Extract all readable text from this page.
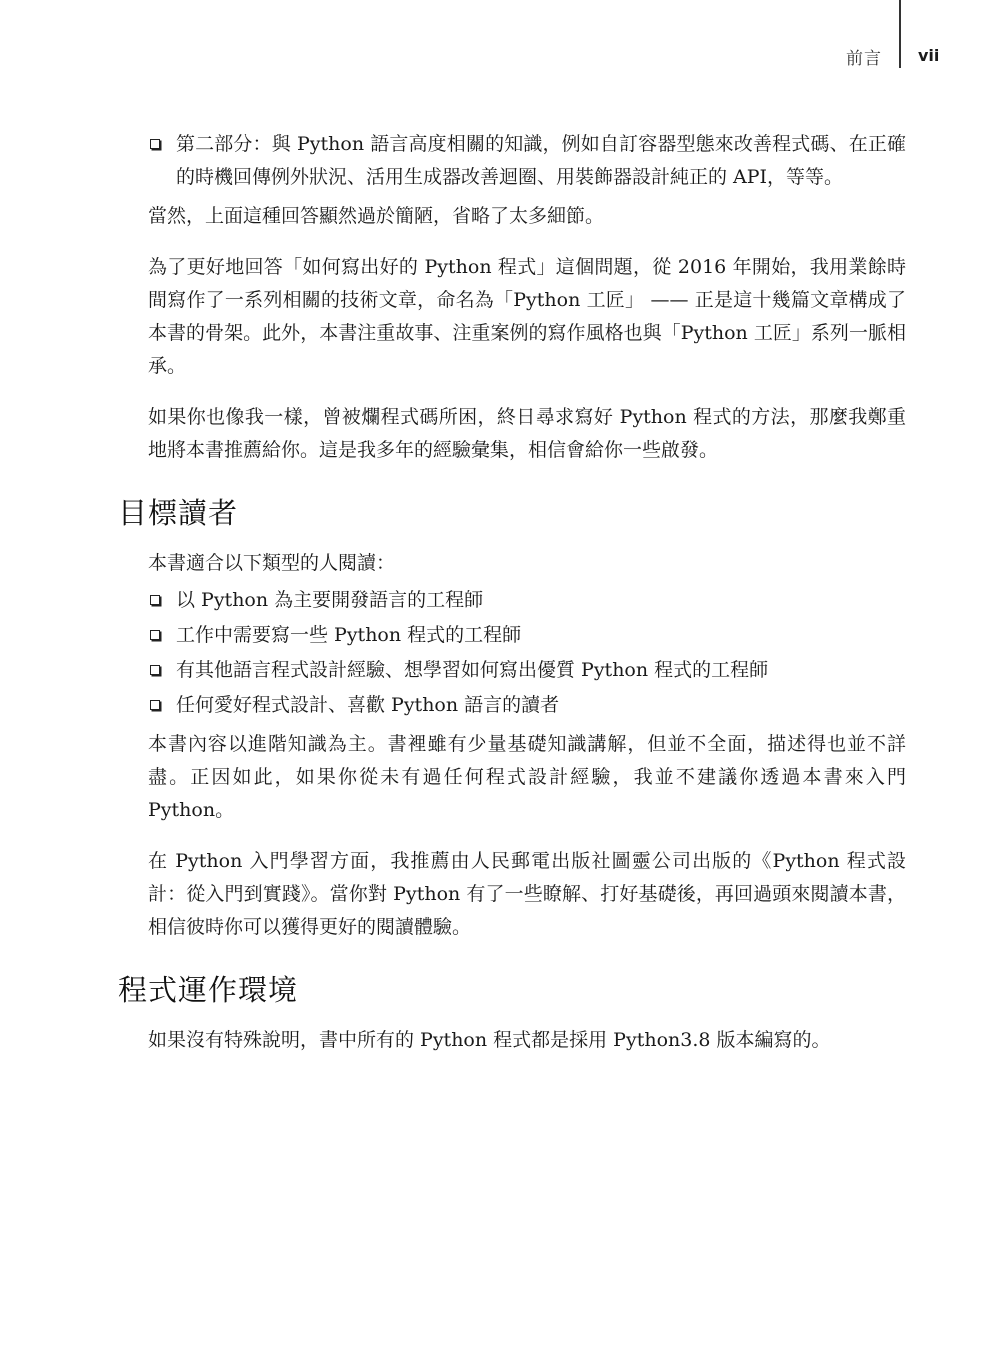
前言 vii
第二部分：與 Python 語言高度相關的知識，例如自訂容器型態來改善程式碼、在正確的時機回傳例外狀況、活用生成器改善迴圈、用裝飾器設計純正的 API，等等。

當然，上面這種回答顯然過於簡陋，省略了太多細節。

為了更好地回答「如何寫出好的 Python 程式」這個問題，從 2016 年開始，我用業餘時間寫作了一系列相關的技術文章，命名為「Python 工匠」 —— 正是這十幾篇文章構成了本書的骨架。此外，本書注重故事、注重案例的寫作風格也與「Python 工匠」系列一脈相承。

如果你也像我一樣，曾被爛程式碼所困，終日尋求寫好 Python 程式的方法，那麼我鄭重地將本書推薦給你。這是我多年的經驗彙集，相信會給你一些啟發。

目標讀者

本書適合以下類型的人閱讀：

以 Python 為主要開發語言的工程師
工作中需要寫一些 Python 程式的工程師
有其他語言程式設計經驗、想學習如何寫出優質 Python 程式的工程師
任何愛好程式設計、喜歡 Python 語言的讀者

本書內容以進階知識為主。書裡雖有少量基礎知識講解，但並不全面，描述得也並不詳盡。正因如此，如果你從未有過任何程式設計經驗，我並不建議你透過本書來入門 Python。

在 Python 入門學習方面，我推薦由人民郵電出版社圖靈公司出版的《Python 程式設計：從入門到實踐》。當你對 Python 有了一些瞭解、打好基礎後，再回過頭來閱讀本書，相信彼時你可以獲得更好的閱讀體驗。

程式運作環境

如果沒有特殊說明，書中所有的 Python 程式都是採用 Python3.8 版本編寫的。
